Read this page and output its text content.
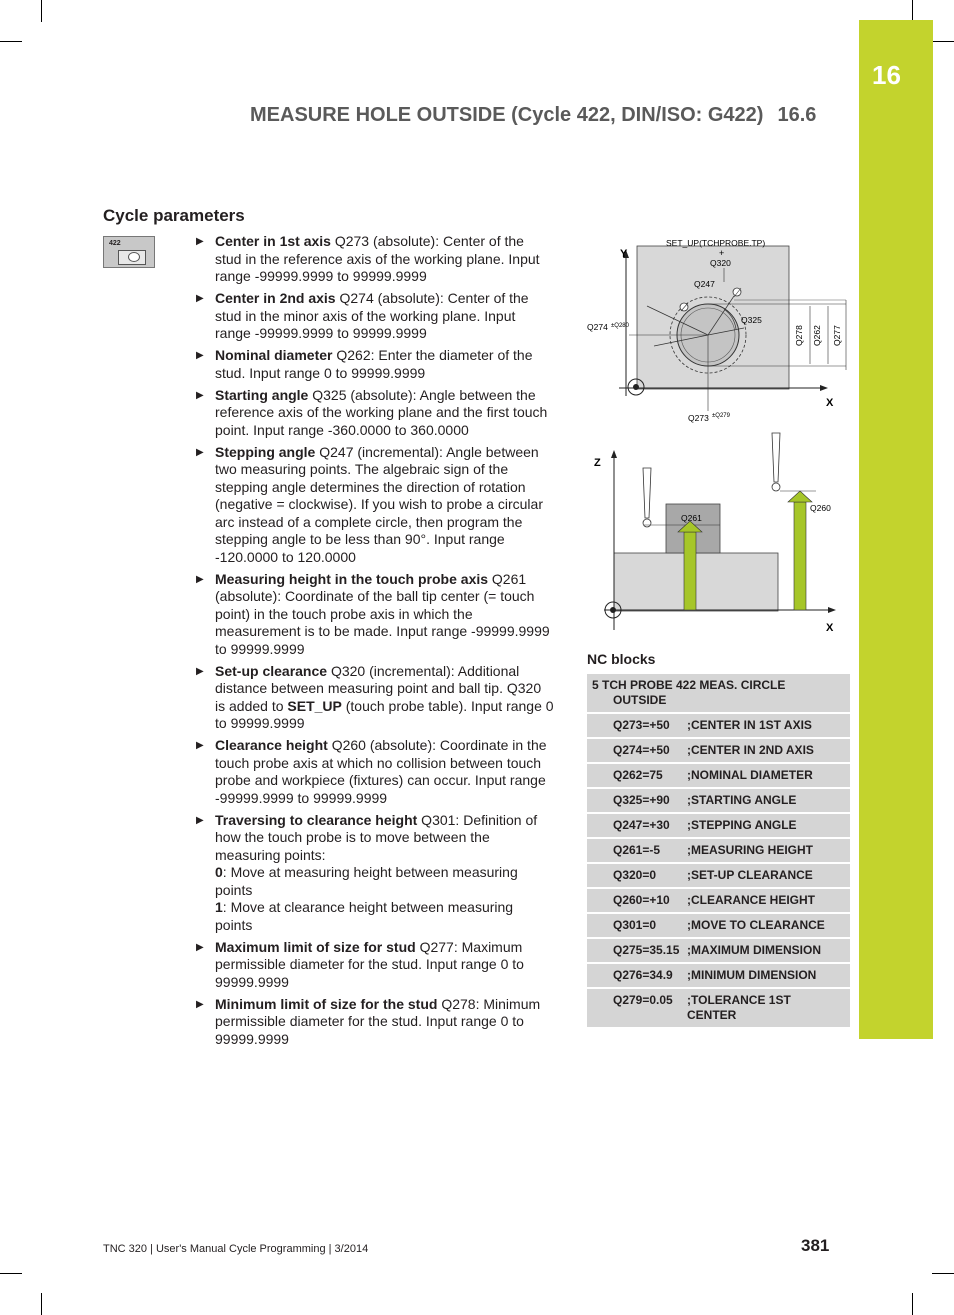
16
MEASURE HOLE OUTSIDE (Cycle 422, DIN/ISO: G422) 16.6
Cycle parameters
422	▶ Center in 1st axis Q273 (absolute): Center of the stud in the reference axis of the working plane. Input range -99999.9999 to 99999.9999
▶ Center in 2nd axis Q274 (absolute): Center of the stud in the minor axis of the working plane. Input range -99999.9999 to 99999.9999
▶ Nominal diameter Q262: Enter the diameter of the stud. Input range 0 to 99999.9999
▶ Starting angle Q325 (absolute): Angle between the reference axis of the working plane and the first touch point. Input range -360.0000 to 360.0000
▶ Stepping angle Q247 (incremental): Angle between two measuring points. The algebraic sign of the stepping angle determines the direction of rotation (negative = clockwise). If you wish to probe a circular arc instead of a complete circle, then program the stepping angle to be less than 90°. Input range -120.0000 to 120.0000
▶ Measuring height in the touch probe axis Q261 (absolute): Coordinate of the ball tip center (= touch point) in the touch probe axis in which the measurement is to be made. Input range -99999.9999 to 99999.9999
▶ Set-up clearance Q320 (incremental): Additional distance between measuring point and ball tip. Q320 is added to SET_UP (touch probe table). Input range 0 to 99999.9999
▶ Clearance height Q260 (absolute): Coordinate in the touch probe axis at which no collision between touch probe and workpiece (fixtures) can occur. Input range -99999.9999 to 99999.9999
▶ Traversing to clearance height Q301: Definition of how the touch probe is to move between the measuring points:
0: Move at measuring height between measuring points
1: Move at clearance height between measuring points
▶ Maximum limit of size for stud Q277: Maximum permissible diameter for the stud. Input range 0 to 99999.9999
▶ Minimum limit of size for the stud Q278: Minimum permissible diameter for the stud. Input range 0 to 99999.9999
Y
X
SET_UP(TCHPROBE.TP)
+
Q320
Q247
Q325
Q274 ±Q280
Q273 ±Q279
Q278 Q262 Q277
Z
X
Q261
Q260
NC blocks
5 TCH PROBE 422 MEAS. CIRCLE
OUTSIDE
Q273=+50 ;CENTER IN 1ST AXIS
Q274=+50 ;CENTER IN 2ND AXIS
Q262=75 ;NOMINAL DIAMETER
Q325=+90 ;STARTING ANGLE
Q247=+30 ;STEPPING ANGLE
Q261=-5 ;MEASURING HEIGHT
Q320=0	;SET-UP CLEARANCE
Q260=+10 ;CLEARANCE HEIGHT
Q301=0	;MOVE TO CLEARANCE
Q275=35.15 ;MAXIMUM DIMENSION
Q276=34.9 ;MINIMUM DIMENSION
Q279=0.05 ;TOLERANCE 1ST
CENTER
TNC 320 | User's Manual Cycle Programming | 3/2014	381
